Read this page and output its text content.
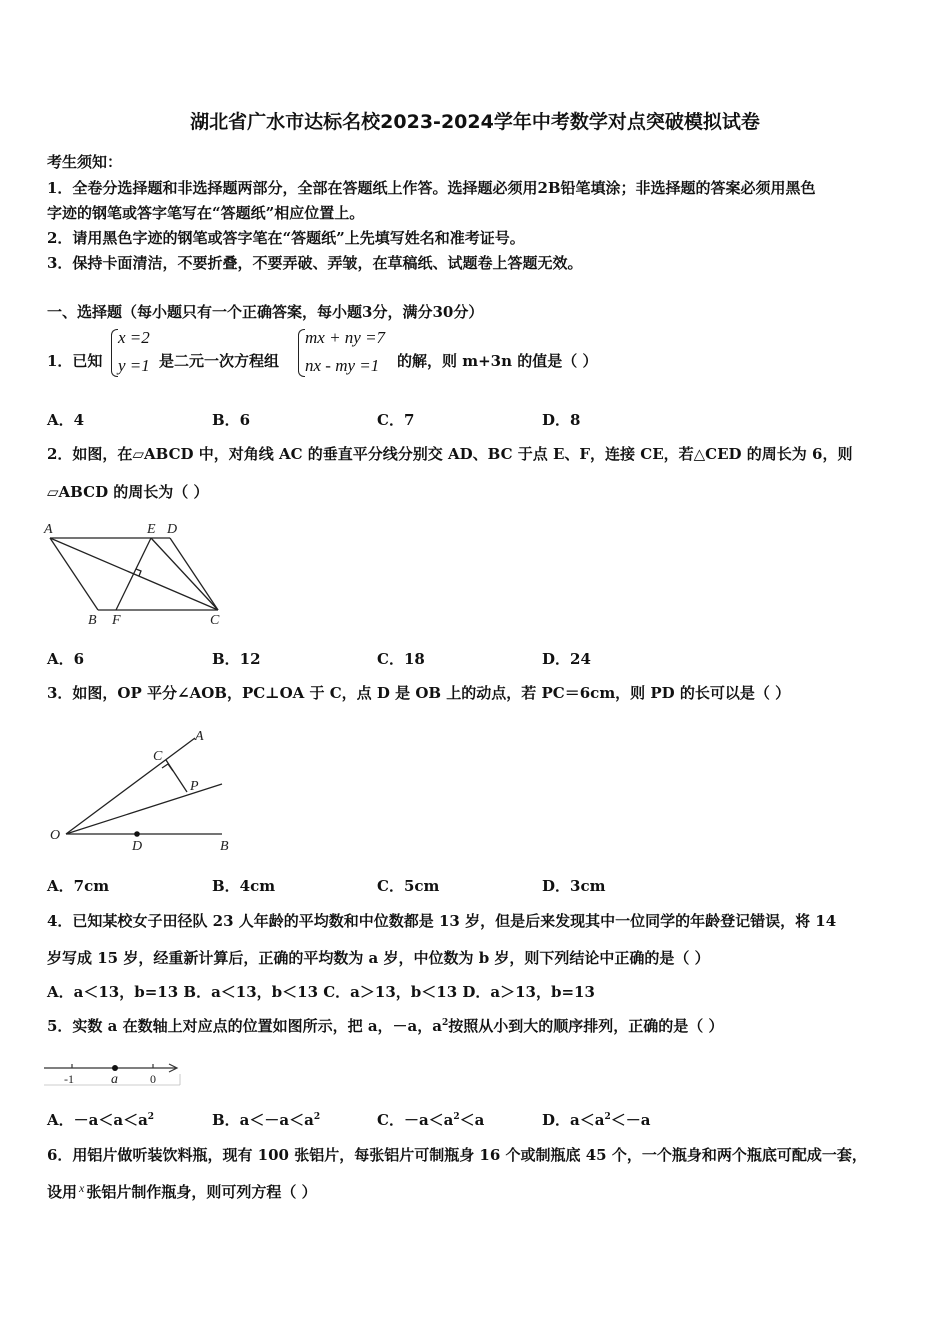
湖北省广水市达标名校2023-2024学年中考数学对点突破模拟试卷
考生须知：
1．全卷分选择题和非选择题两部分，全部在答题纸上作答。选择题必须用2B铅笔填涂；非选择题的答案必须用黑色
字迹的钢笔或答字笔写在“答题纸”相应位置上。
2．请用黑色字迹的钢笔或答字笔在“答题纸”上先填写姓名和准考证号。
3．保持卡面清洁，不要折叠，不要弄破、弄皱，在草稿纸、试题卷上答题无效。
一、选择题（每小题只有一个正确答案，每小题3分，满分30分）
1．已知
x =2
y =1 是二元一次方程组
mx + ny =7
nx - my =1 的解，则 m+3n 的值是（ ）
A．4	B．6	C．7	D．8
2．如图，在▱ABCD 中，对角线 AC 的垂直平分线分别交 AD、BC 于点 E、F，连接 CE，若△CED 的周长为 6，则
▱ABCD 的周长为（ ）
A	E D
B F	C
A．6	B．12	C．18	D．24
3．如图，OP 平分∠AOB，PC⊥OA 于 C，点 D 是 OB 上的动点，若 PC＝6cm，则 PD 的长可以是（ ）
A
C
P
O
D	B
A．7cm	B．4cm	C．5cm	D．3cm
4．已知某校女子田径队 23 人年龄的平均数和中位数都是 13 岁，但是后来发现其中一位同学的年龄登记错误，将 14
岁写成 15 岁，经重新计算后，正确的平均数为 a 岁，中位数为 b 岁，则下列结论中正确的是（ ）
A．a＜13，b=13 B．a＜13，b＜13 C．a＞13，b＜13 D．a＞13，b=13
5．实数 a 在数轴上对应点的位置如图所示，把 a，－a，$a^2$按照从小到大的顺序排列，正确的是（ ）
-1	a	0
A．$-a<a<a^2$	B．$a<-a<a^2$	C．$-a<a^2<a$	D．$a<a^2<-a$
6．用铝片做听装饮料瓶，现有 100 张铝片，每张铝片可制瓶身 16 个或制瓶底 45 个，一个瓶身和两个瓶底可配成一套，
设用 $^x$ 张铝片制作瓶身，则可列方程（ ）
